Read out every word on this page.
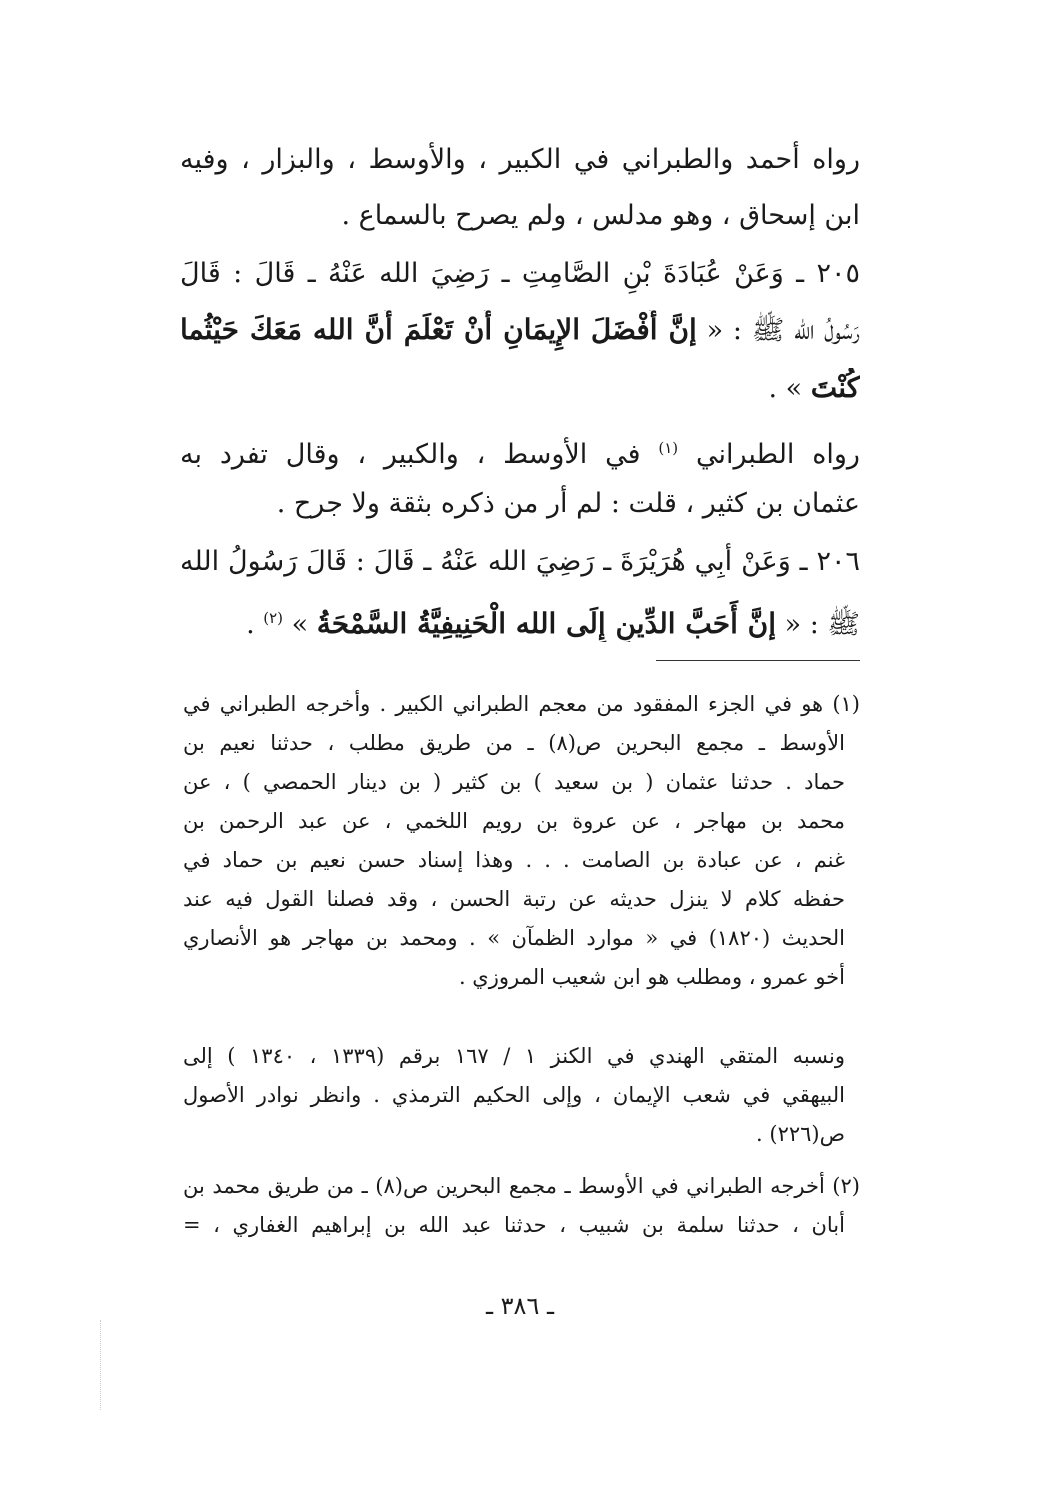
رواه أحمد والطبراني في الكبير ، والأوسط ، والبزار ، وفيه
ابن إسحاق ، وهو مدلس ، ولم يصرح بالسماع .
٢٠٥ ـ وَعَنْ عُبَادَةَ بْنِ الصَّامِتِ ـ رَضِيَ الله عَنْهُ ـ قَالَ : قَالَ
رَسُولُ الله ﷺ : « إنَّ أَفْضَلَ الإِيمَانِ أَنْ تَعْلَمَ أَنَّ الله مَعَكَ حَيْثُما
كُنْتَ » .
رواه الطبراني $^{(١)}$ في الأوسط ، والكبير ، وقال تفرد به
عثمان بن كثير ، قلت : لم أر من ذكره بثقة ولا جرح .
٢٠٦ ـ وَعَنْ أَبِي هُرَيْرَةَ ـ رَضِيَ الله عَنْهُ ـ قَالَ : قَالَ رَسُولُ الله
ﷺ : « إنَّ أَحَبَّ الدِّينِ إِلَى الله الْحَنِيفِيَّةُ السَّمْحَةُ » $^{(٢)}$ .
(١) هو في الجزء المفقود من معجم الطبراني الكبير . وأخرجه الطبراني في
الأوسط ـ مجمع البحرين ص(٨) ـ من طريق مطلب ، حدثنا نعيم بن
حماد . حدثنا عثمان ( بن سعيد ) بن كثير ( بن دينار الحمصي ) ، عن
محمد بن مهاجر ، عن عروة بن رويم اللخمي ، عن عبد الرحمن بن
غنم ، عن عبادة بن الصامت . . . وهذا إسناد حسن نعيم بن حماد في
حفظه كلام لا ينزل حديثه عن رتبة الحسن ، وقد فصلنا القول فيه عند
الحديث (١٨٢٠) في « موارد الظمآن » . ومحمد بن مهاجر هو الأنصاري
أخو عمرو ، ومطلب هو ابن شعيب المروزي .
ونسبه المتقي الهندي في الكنز ١ / ١٦٧ برقم (١٣٣٩ ، ١٣٤٠ ) إلى
البيهقي في شعب الإيمان ، وإلى الحكيم الترمذي . وانظر نوادر الأصول
ص(٢٢٦) .
(٢) أخرجه الطبراني في الأوسط ـ مجمع البحرين ص(٨) ـ من طريق محمد بن
أبان ، حدثنا سلمة بن شبيب ، حدثنا عبد الله بن إبراهيم الغفاري ، =
ـ ٣٨٦ ـ
